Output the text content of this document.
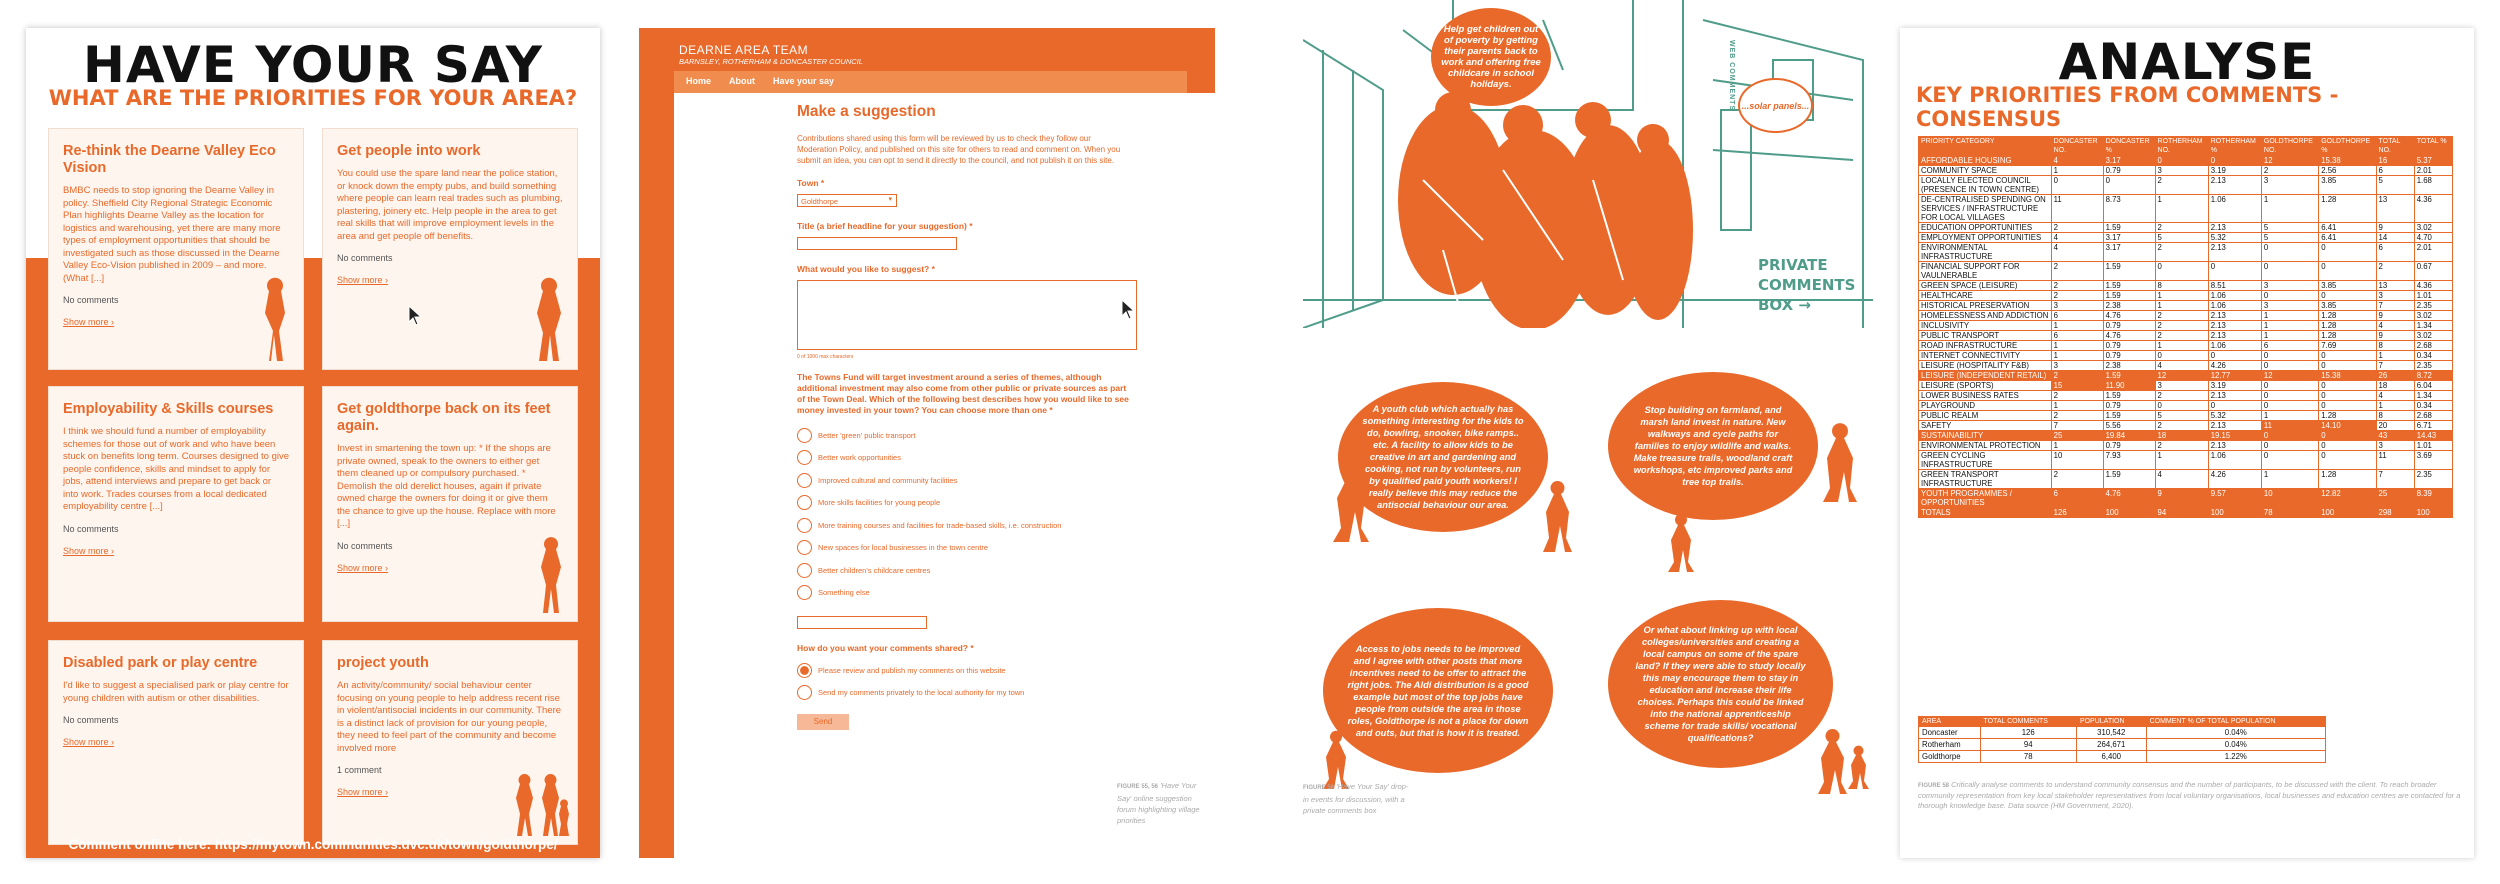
HAVE YOUR SAY
WHAT ARE THE PRIORITIES FOR YOUR AREA?
Re-think the Dearne Valley Eco Vision
BMBC needs to stop ignoring the Dearne Valley in policy. Sheffield City Regional Strategic Economic Plan highlights Dearne Valley as the location for logistics and warehousing, yet there are many more types of employment opportunities that should be investigated such as those discussed in the Dearne Valley Eco-Vision published in 2009 – and more. (What [...]
No comments
Show more ›
Get people into work
You could use the spare land near the police station, or knock down the empty pubs, and build something where people can learn real trades such as plumbing, plastering, joinery etc. Help people in the area to get real skills that will improve employment levels in the area and get people off benefits.
No comments
Show more ›
Employability & Skills courses
I think we should fund a number of employability schemes for those out of work and who have been stuck on benefits long term. Courses designed to give people confidence, skills and mindset to apply for jobs, attend interviews and prepare to get back or into work. Trades courses from a local dedicated employability centre [...]
No comments
Show more ›
Get goldthorpe back on its feet again.
Invest in smartening the town up: * If the shops are private owned, speak to the owners to either get them cleaned up or compulsory purchased. * Demolish the old derelict houses, again if private owned charge the owners for doing it or give them the chance to give up the house. Replace with more [...]
No comments
Show more ›
Disabled park or play centre
I'd like to suggest a specialised park or play centre for young children with autism or other disabilities.
No comments
Show more ›
project youth
An activity/community/ social behaviour center focusing on young people to help address recent rise in violent/antisocial incidents in our community. There is a distinct lack of provision for our young people, they need to feel part of the community and become involved more
1 comment
Show more ›
Comment online here: https://mytown.communities.dvc.uk/town/goldthorpe/
DEARNE AREA TEAM
BARNSLEY, ROTHERHAM & DONCASTER COUNCIL
Home About Have your say
Make a suggestion
Contributions shared using this form will be reviewed by us to check they follow our Moderation Policy, and published on this site for others to read and comment on. When you submit an idea, you can opt to send it directly to the council, and not publish it on this site.
Town *
Goldthorpe	▾
Title (a brief headline for your suggestion) *
What would you like to suggest? *
0 of 1000 max characters
The Towns Fund will target investment around a series of themes, although additional investment may also come from other public or private sources as part of the Town Deal. Which of the following best describes how you would like to see money invested in your town? You can choose more than one *
Better 'green' public transport
Better work opportunities
Improved cultural and community facilities
More skills facilities for young people
More training courses and facilities for trade-based skills, i.e. construction
New spaces for local businesses in the town centre
Better children's childcare centres
Something else
How do you want your comments shared? *
Please review and publish my comments on this website
Send my comments privately to the local authority for my town
Send
FIGURE 55, 56 'Have Your Say' online suggestion forum highlighting village priorities
Help get children out of poverty by getting their parents back to work and offering free childcare in school holidays.
...solar panels...
WEB COMMENTS
PRIVATE
COMMENTS
BOX →
A youth club which actually has something interesting for the kids to do, bowling, snooker, bike ramps.. etc. A facility to allow kids to be creative in art and gardening and cooking, not run by volunteers, run by qualified paid youth workers! I really believe this may reduce the antisocial behaviour our area.
Stop building on farmland, and marsh land invest in nature. New walkways and cycle paths for families to enjoy wildlife and walks. Make treasure trails, woodland craft workshops, etc improved parks and tree top trails.
Access to jobs needs to be improved and I agree with other posts that more incentives need to be offer to attract the right jobs. The Aldi distribution is a good example but most of the top jobs have people from outside the area in those roles, Goldthorpe is not a place for down and outs, but that is how it is treated.
Or what about linking up with local colleges/universities and creating a local campus on some of the spare land? If they were able to study locally this may encourage them to stay in education and increase their life choices. Perhaps this could be linked into the national apprenticeship scheme for trade skills/ vocational qualifications?
FIGURE 56 'Have Your Say' drop-in events for discussion, with a private comments box
ANALYSE
KEY PRIORITIES FROM COMMENTS - CONSENSUS
PRIORITY CATEGORY	DONCASTER NO.	DONCASTER %	ROTHERHAM NO.	ROTHERHAM %	GOLDTHORPE NO.	GOLDTHORPE %	TOTAL NO.	TOTAL %
AFFORDABLE HOUSING	4	3.17	0	0	12	15.38	16	5.37
COMMUNITY SPACE	1	0.79	3	3.19	2	2.56	6	2.01
LOCALLY ELECTED COUNCIL (PRESENCE IN TOWN CENTRE)	0	0	2	2.13	3	3.85	5	1.68
DE-CENTRALISED SPENDING ON SERVICES / INFRASTRUCTURE FOR LOCAL VILLAGES	11	8.73	1	1.06	1	1.28	13	4.36
EDUCATION OPPORTUNITIES	2	1.59	2	2.13	5	6.41	9	3.02
EMPLOYMENT OPPORTUNITIES	4	3.17	5	5.32	5	6.41	14	4.70
ENVIRONMENTAL INFRASTRUCTURE	4	3.17	2	2.13	0	0	6	2.01
FINANCIAL SUPPORT FOR VAULNERABLE	2	1.59	0	0	0	0	2	0.67
GREEN SPACE (LEISURE)	2	1.59	8	8.51	3	3.85	13	4.36
HEALTHCARE	2	1.59	1	1.06	0	0	3	1.01
HISTORICAL PRESERVATION	3	2.38	1	1.06	3	3.85	7	2.35
HOMELESSNESS AND ADDICTION	6	4.76	2	2.13	1	1.28	9	3.02
INCLUSIVITY	1	0.79	2	2.13	1	1.28	4	1.34
PUBLIC TRANSPORT	6	4.76	2	2.13	1	1.28	9	3.02
ROAD INFRASTRUCTURE	1	0.79	1	1.06	6	7.69	8	2.68
INTERNET CONNECTIVITY	1	0.79	0	0	0	0	1	0.34
LEISURE (HOSPITALITY F&B)	3	2.38	4	4.26	0	0	7	2.35
LEISURE (INDEPENDENT RETAIL)	2	1.59	12	12.77	12	15.38	26	8.72
LEISURE (SPORTS)	15	11.90	3	3.19	0	0	18	6.04
LOWER BUSINESS RATES	2	1.59	2	2.13	0	0	4	1.34
PLAYGROUND	1	0.79	0	0	0	0	1	0.34
PUBLIC REALM	2	1.59	5	5.32	1	1.28	8	2.68
SAFETY	7	5.56	2	2.13	11	14.10	20	6.71
SUSTAINABILITY	25	19.84	18	19.15	0	0	43	14.43
ENVIRONMENTAL PROTECTION	1	0.79	2	2.13	0	0	3	1.01
GREEN CYCLING INFRASTRUCTURE	10	7.93	1	1.06	0	0	11	3.69
GREEN TRANSPORT INFRASTRUCTURE	2	1.59	4	4.26	1	1.28	7	2.35
YOUTH PROGRAMMES / OPPORTUNITIES	6	4.76	9	9.57	10	12.82	25	8.39
TOTALS	126	100	94	100	78	100	298	100
AREA	TOTAL COMMENTS	POPULATION	COMMENT % OF TOTAL POPULATION
Doncaster	126	310,542	0.04%
Rotherham	94	264,671	0.04%
Goldthorpe	78	6,400	1.22%
FIGURE 58 Critically analyse comments to understand community consensus and the number of participants, to be discussed with the client. To reach broader community representation from key local stakeholder representatives from local voluntary organisations, local businesses and education centres are contacted for a thorough knowledge base. Data source (HM Government, 2020).
